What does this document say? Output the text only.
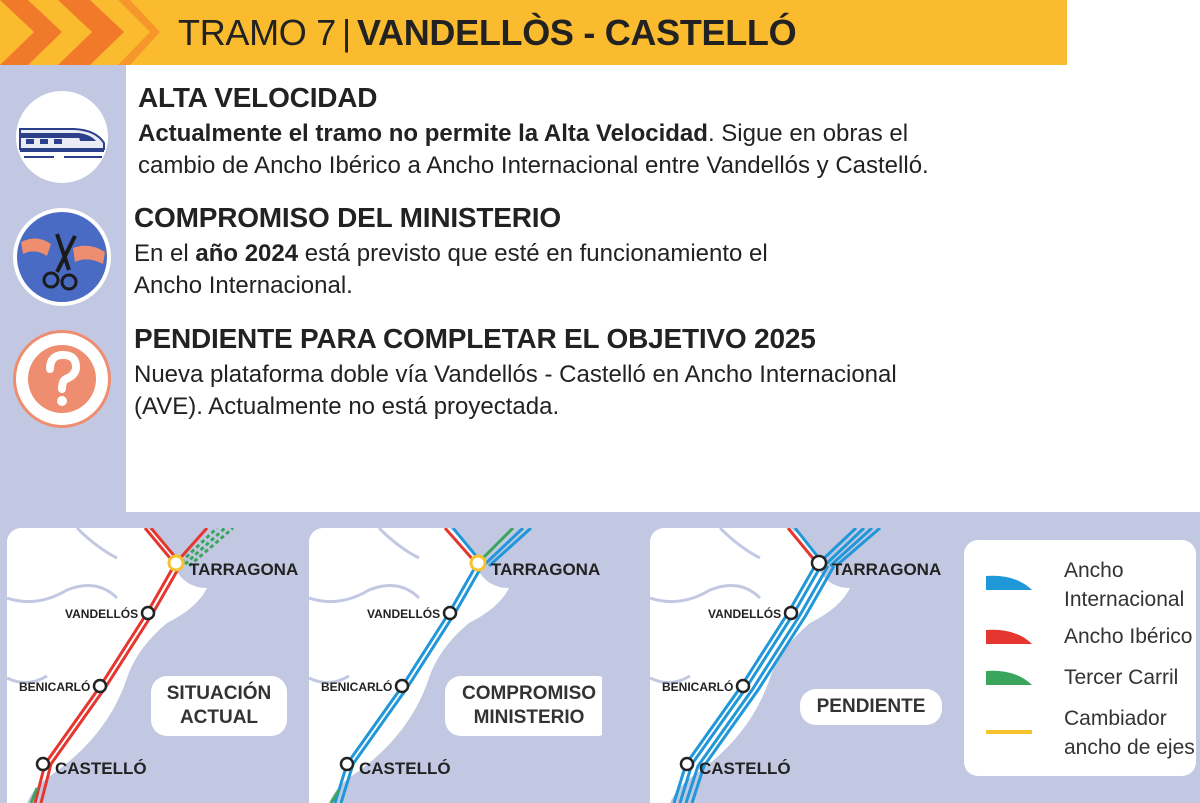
TRAMO 7 | VANDELLÒS - CASTELLÓ
ALTA VELOCIDAD

Actualmente el tramo no permite la Alta Velocidad. Sigue en obras el
cambio de Ancho Ibérico a Ancho Internacional entre Vandellós y Castelló.

COMPROMISO DEL MINISTERIO

En el año 2024 está previsto que esté en funcionamiento el
Ancho Internacional.

PENDIENTE PARA COMPLETAR EL OBJETIVO 2025

Nueva plataforma doble vía Vandellós - Castelló en Ancho Internacional
(AVE). Actualmente no está proyectada.

TARRAGONA
VANDELLÓS
BENICARLÓ
CASTELLÓ
SITUACIÓN
ACTUAL
TARRAGONA
VANDELLÓS
BENICARLÓ
CASTELLÓ
COMPROMISO
MINISTERIO
TARRAGONA
VANDELLÓS
BENICARLÓ
CASTELLÓ
PENDIENTE
Ancho
Internacional
Ancho Ibérico
Tercer Carril
Cambiador
ancho de ejes
